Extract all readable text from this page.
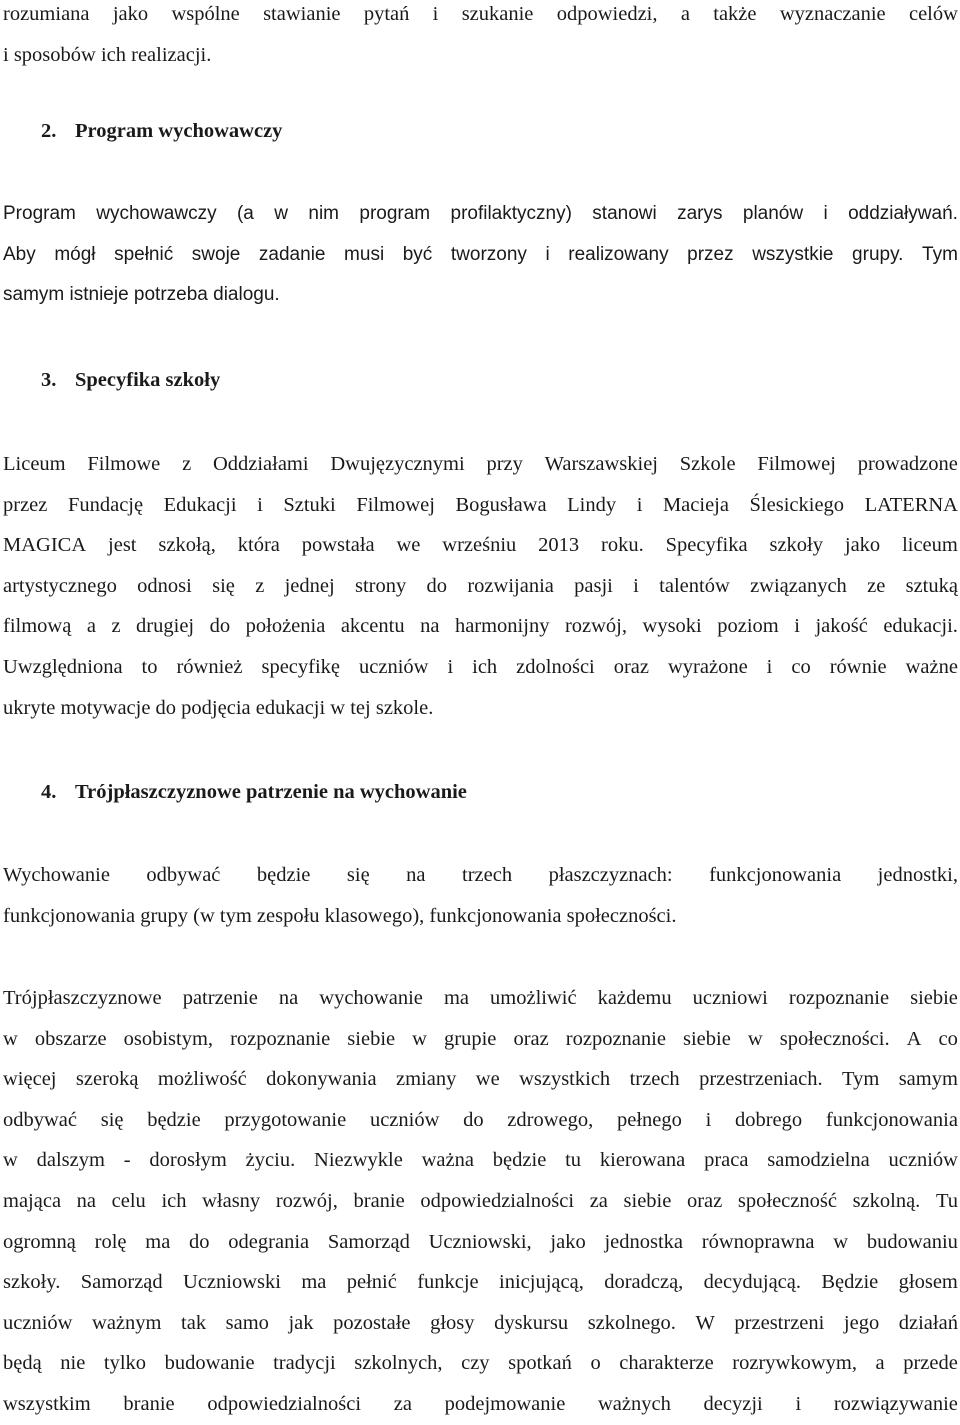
rozumiana jako wspólne stawianie pytań i szukanie odpowiedzi, a także wyznaczanie celów
i sposobów ich realizacji.
2. Program wychowawczy
Program wychowawczy (a w nim program profilaktyczny) stanowi zarys planów i oddziaływań.
Aby mógł spełnić swoje zadanie musi być tworzony i realizowany przez wszystkie grupy. Tym
samym istnieje potrzeba dialogu.
3. Specyfika szkoły
Liceum Filmowe z Oddziałami Dwujęzycznymi przy Warszawskiej Szkole Filmowej prowadzone
przez Fundację Edukacji i Sztuki Filmowej Bogusława Lindy i Macieja Ślesickiego LATERNA
MAGICA jest szkołą, która powstała we wrześniu 2013 roku. Specyfika szkoły jako liceum
artystycznego odnosi się z jednej strony do rozwijania pasji i talentów związanych ze sztuką
filmową a z drugiej do położenia akcentu na harmonijny rozwój, wysoki poziom i jakość edukacji.
Uwzględniona to również specyfikę uczniów i ich zdolności oraz wyrażone i co równie ważne
ukryte motywacje do podjęcia edukacji w tej szkole.
4. Trójpłaszczyznowe patrzenie na wychowanie
Wychowanie odbywać będzie się na trzech płaszczyznach: funkcjonowania jednostki,
funkcjonowania grupy (w tym zespołu klasowego), funkcjonowania społeczności.
Trójpłaszczyznowe patrzenie na wychowanie ma umożliwić każdemu uczniowi rozpoznanie siebie
w obszarze osobistym, rozpoznanie siebie w grupie oraz rozpoznanie siebie w społeczności. A co
więcej szeroką możliwość dokonywania zmiany we wszystkich trzech przestrzeniach. Tym samym
odbywać się będzie przygotowanie uczniów do zdrowego, pełnego i dobrego funkcjonowania
w dalszym - dorosłym życiu. Niezwykle ważna będzie tu kierowana praca samodzielna uczniów
mająca na celu ich własny rozwój, branie odpowiedzialności za siebie oraz społeczność szkolną. Tu
ogromną rolę ma do odegrania Samorząd Uczniowski, jako jednostka równoprawna w budowaniu
szkoły. Samorząd Uczniowski ma pełnić funkcje inicjującą, doradczą, decydującą. Będzie głosem
uczniów ważnym tak samo jak pozostałe głosy dyskursu szkolnego. W przestrzeni jego działań
będą nie tylko budowanie tradycji szkolnych, czy spotkań o charakterze rozrywkowym, a przede
wszystkim branie odpowiedzialności za podejmowanie ważnych decyzji i rozwiązywanie
